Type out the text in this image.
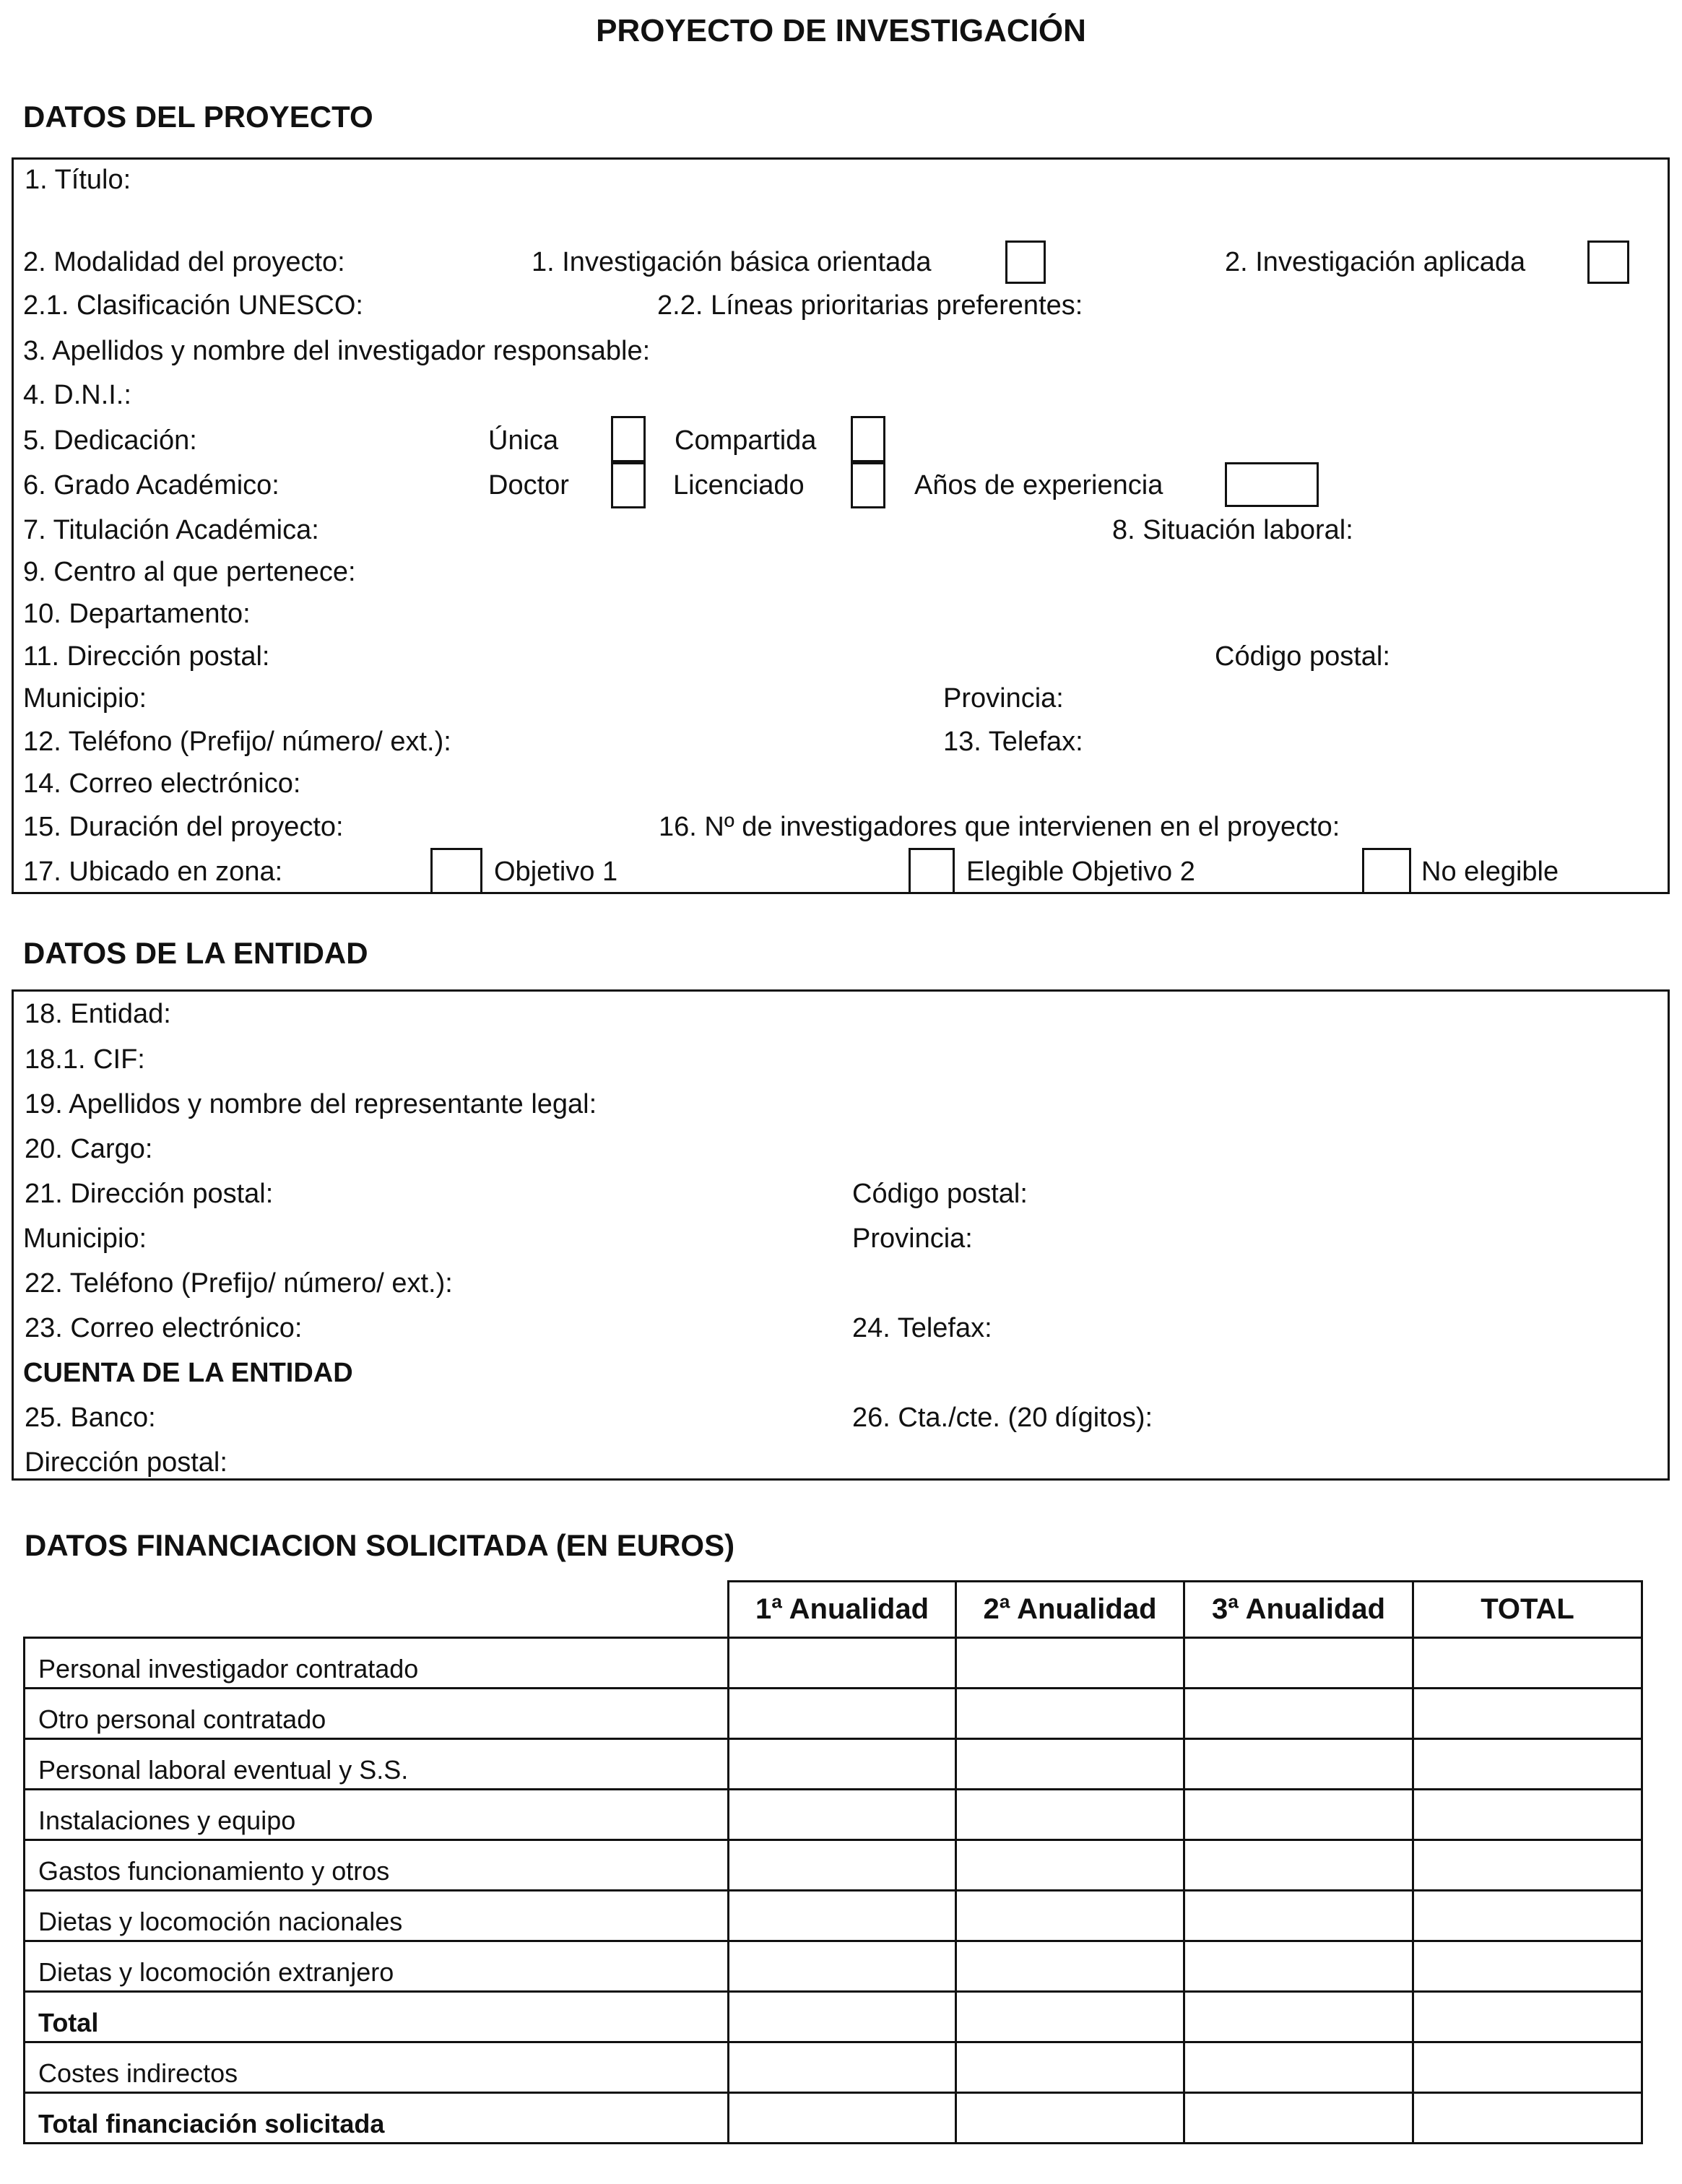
PROYECTO DE INVESTIGACIÓN
DATOS DEL PROYECTO
1. Título:
2. Modalidad del proyecto:	1. Investigación básica orientada	2. Investigación aplicada
2.1. Clasificación UNESCO:	2.2. Líneas prioritarias preferentes:
3. Apellidos y nombre del investigador responsable:
4. D.N.I.:
5. Dedicación:	Única	Compartida
6. Grado Académico:	Doctor	Licenciado	Años de experiencia
7. Titulación Académica:	8. Situación laboral:
9. Centro al que pertenece:
10. Departamento:
11. Dirección postal:	Código postal:
Municipio:	Provincia:
12. Teléfono (Prefijo/ número/ ext.):	13. Telefax:
14. Correo electrónico:
15. Duración del proyecto:	16. Nº de investigadores que intervienen en el proyecto:
17. Ubicado en zona:	Objetivo 1	Elegible Objetivo 2	No elegible
DATOS DE LA ENTIDAD
18. Entidad:
18.1. CIF:
19. Apellidos y nombre del representante legal:
20. Cargo:
21. Dirección postal:	Código postal:
Municipio:	Provincia:
22. Teléfono (Prefijo/ número/ ext.):
23. Correo electrónico:	24. Telefax:
CUENTA DE LA ENTIDAD
25. Banco:	26. Cta./cte. (20 dígitos):
Dirección postal:
DATOS FINANCIACION SOLICITADA (EN EUROS)
	1ª Anualidad	2ª Anualidad	3ª Anualidad	TOTAL
Personal investigador contratado				
Otro personal contratado				
Personal laboral eventual y S.S.				
Instalaciones y equipo				
Gastos funcionamiento y otros				
Dietas y locomoción nacionales				
Dietas y locomoción extranjero				
Total				
Costes indirectos				
Total financiación solicitada				
